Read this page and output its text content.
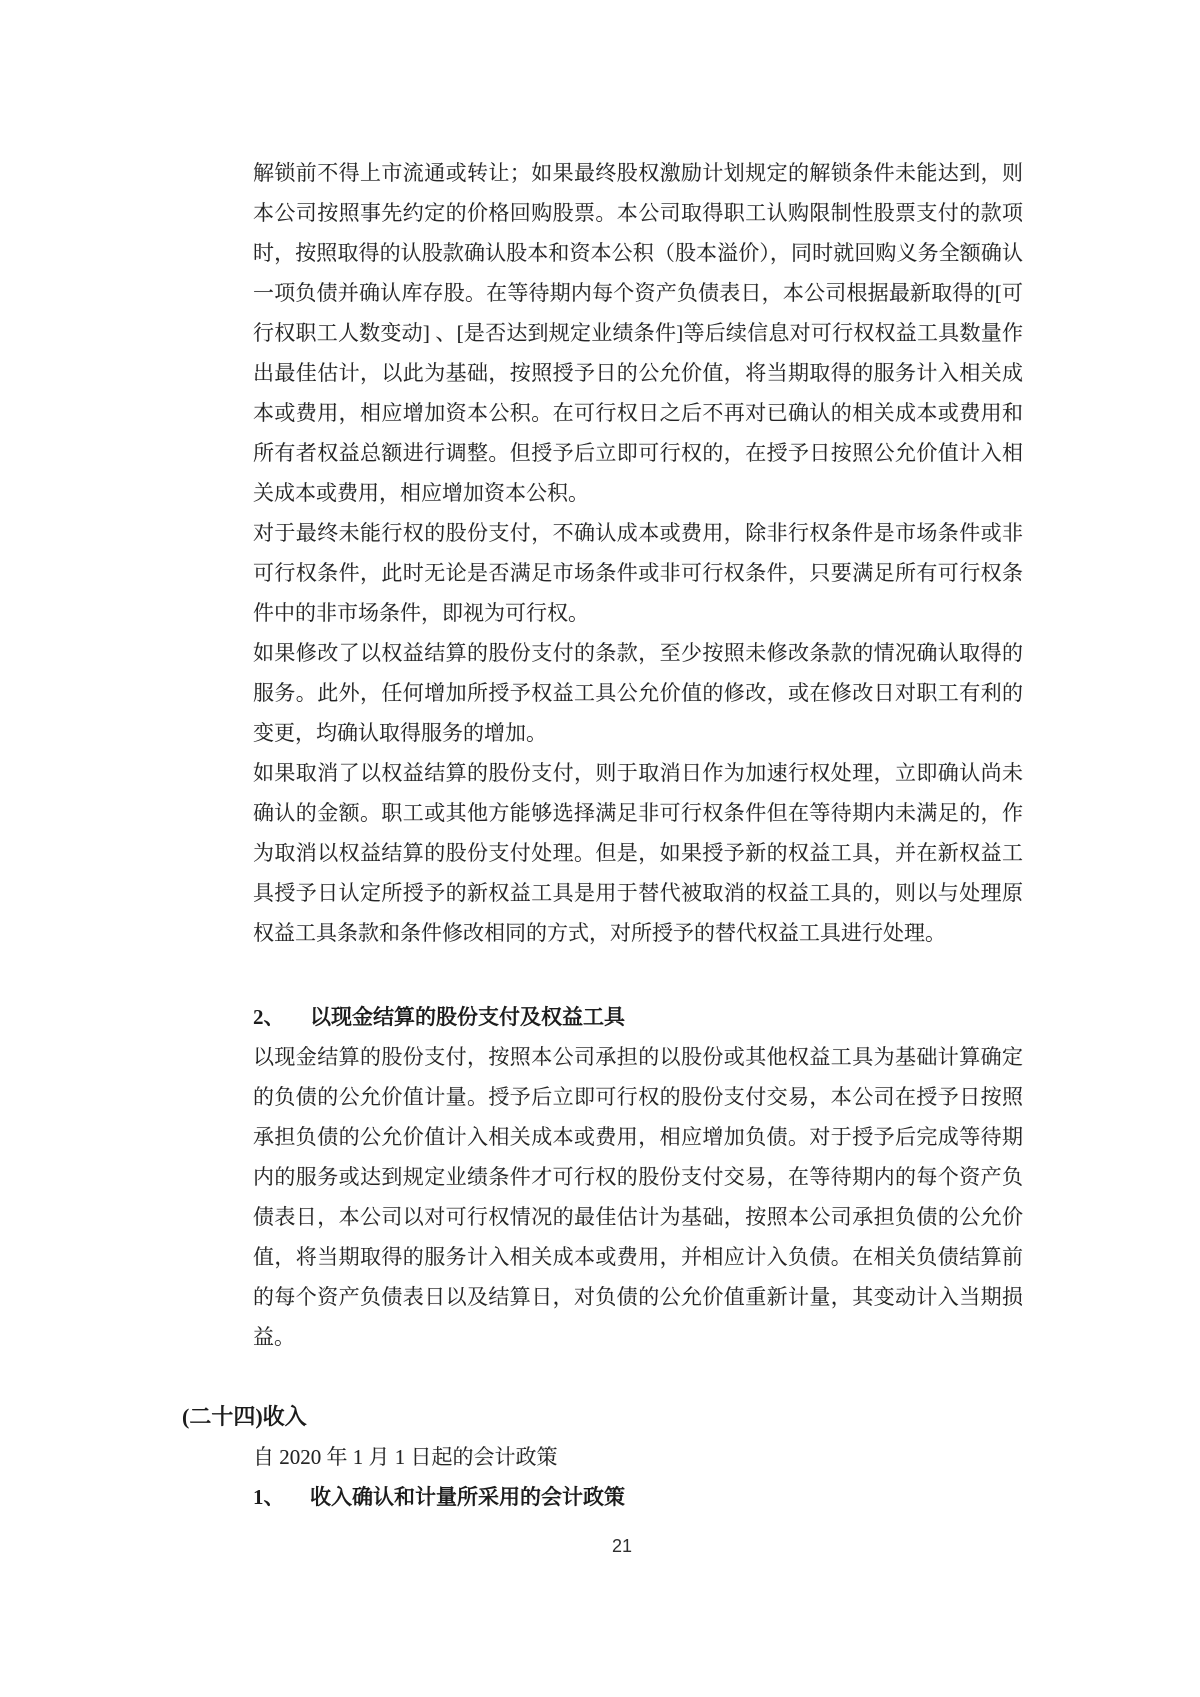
解锁前不得上市流通或转让；如果最终股权激励计划规定的解锁条件未能达到，则本公司按照事先约定的价格回购股票。本公司取得职工认购限制性股票支付的款项时，按照取得的认股款确认股本和资本公积（股本溢价），同时就回购义务全额确认一项负债并确认库存股。在等待期内每个资产负债表日，本公司根据最新取得的[可行权职工人数变动] 、[是否达到规定业绩条件]等后续信息对可行权权益工具数量作出最佳估计，以此为基础，按照授予日的公允价值，将当期取得的服务计入相关成本或费用，相应增加资本公积。在可行权日之后不再对已确认的相关成本或费用和所有者权益总额进行调整。但授予后立即可行权的，在授予日按照公允价值计入相关成本或费用，相应增加资本公积。

对于最终未能行权的股份支付，不确认成本或费用，除非行权条件是市场条件或非可行权条件，此时无论是否满足市场条件或非可行权条件，只要满足所有可行权条件中的非市场条件，即视为可行权。

如果修改了以权益结算的股份支付的条款，至少按照未修改条款的情况确认取得的服务。此外，任何增加所授予权益工具公允价值的修改，或在修改日对职工有利的变更，均确认取得服务的增加。

如果取消了以权益结算的股份支付，则于取消日作为加速行权处理，立即确认尚未确认的金额。职工或其他方能够选择满足非可行权条件但在等待期内未满足的，作为取消以权益结算的股份支付处理。但是，如果授予新的权益工具，并在新权益工具授予日认定所授予的新权益工具是用于替代被取消的权益工具的，则以与处理原权益工具条款和条件修改相同的方式，对所授予的替代权益工具进行处理。

2、 以现金结算的股份支付及权益工具

以现金结算的股份支付，按照本公司承担的以股份或其他权益工具为基础计算确定的负债的公允价值计量。授予后立即可行权的股份支付交易，本公司在授予日按照承担负债的公允价值计入相关成本或费用，相应增加负债。对于授予后完成等待期内的服务或达到规定业绩条件才可行权的股份支付交易，在等待期内的每个资产负债表日，本公司以对可行权情况的最佳估计为基础，按照本公司承担负债的公允价值，将当期取得的服务计入相关成本或费用，并相应计入负债。在相关负债结算前的每个资产负债表日以及结算日，对负债的公允价值重新计量，其变动计入当期损益。

(二十四)收入

自 2020 年 1 月 1 日起的会计政策

1、 收入确认和计量所采用的会计政策
21
